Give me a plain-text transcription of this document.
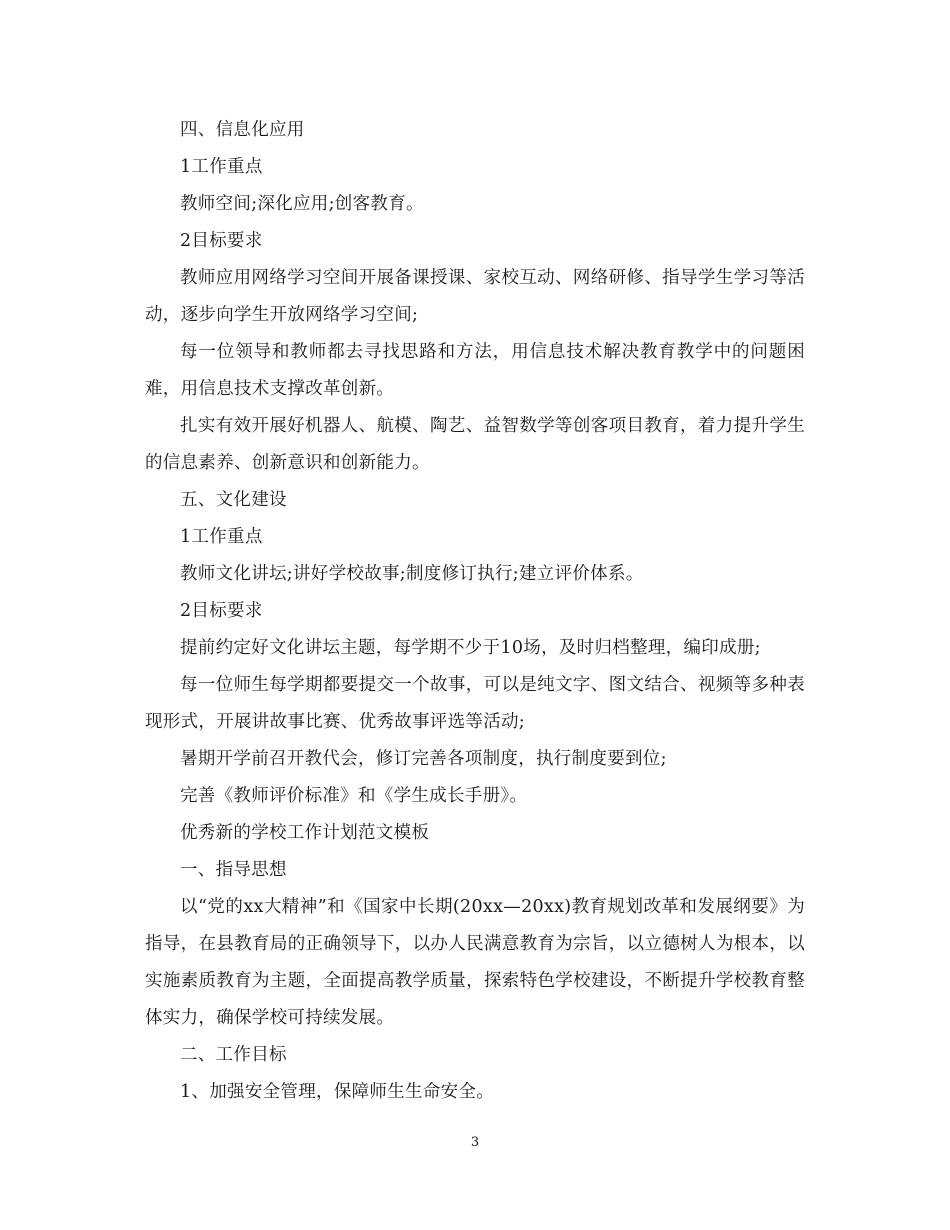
四、信息化应用

1工作重点

教师空间;深化应用;创客教育。

2目标要求

教师应用网络学习空间开展备课授课、家校互动、网络研修、指导学生学习等活动，逐步向学生开放网络学习空间;

每一位领导和教师都去寻找思路和方法，用信息技术解决教育教学中的问题困难，用信息技术支撑改革创新。

扎实有效开展好机器人、航模、陶艺、益智数学等创客项目教育，着力提升学生的信息素养、创新意识和创新能力。

五、文化建设

1工作重点

教师文化讲坛;讲好学校故事;制度修订执行;建立评价体系。

2目标要求

提前约定好文化讲坛主题，每学期不少于10场，及时归档整理，编印成册;

每一位师生每学期都要提交一个故事，可以是纯文字、图文结合、视频等多种表现形式，开展讲故事比赛、优秀故事评选等活动;

暑期开学前召开教代会，修订完善各项制度，执行制度要到位;

完善《教师评价标准》和《学生成长手册》。

优秀新的学校工作计划范文模板

一、指导思想

以“党的xx大精神”和《国家中长期(20xx—20xx)教育规划改革和发展纲要》为指导，在县教育局的正确领导下，以办人民满意教育为宗旨，以立德树人为根本，以实施素质教育为主题，全面提高教学质量，探索特色学校建设，不断提升学校教育整体实力，确保学校可持续发展。

二、工作目标

1、加强安全管理，保障师生生命安全。

3
